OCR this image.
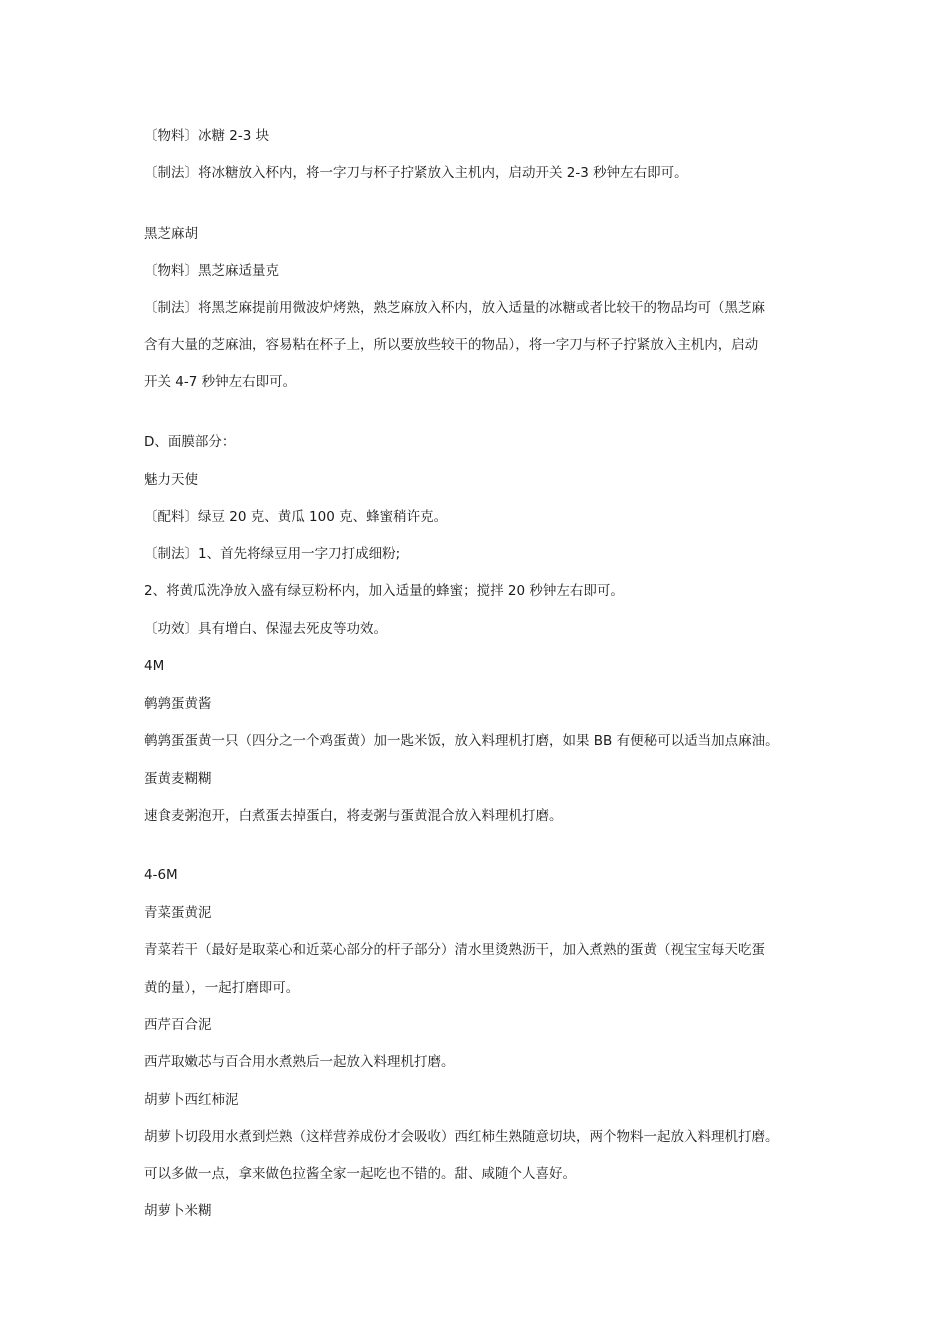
〔物料〕冰糖 2-3 块
〔制法〕将冰糖放入杯内，将一字刀与杯子拧紧放入主机内，启动开关 2-3 秒钟左右即可。
黑芝麻胡
〔物料〕黑芝麻适量克
〔制法〕将黑芝麻提前用微波炉烤熟，熟芝麻放入杯内，放入适量的冰糖或者比较干的物品均可（黑芝麻
含有大量的芝麻油，容易粘在杯子上，所以要放些较干的物品），将一字刀与杯子拧紧放入主机内，启动
开关 4-7 秒钟左右即可。
D、面膜部分：
魅力天使
〔配料〕绿豆 20 克、黄瓜 100 克、蜂蜜稍许克。
〔制法〕1、首先将绿豆用一字刀打成细粉;
2、将黄瓜洗净放入盛有绿豆粉杯内，加入适量的蜂蜜；搅拌 20 秒钟左右即可。
〔功效〕具有增白、保湿去死皮等功效。
4M
鹌鹑蛋黄酱
鹌鹑蛋蛋黄一只（四分之一个鸡蛋黄）加一匙米饭，放入料理机打磨，如果 BB 有便秘可以适当加点麻油。
蛋黄麦糊糊
速食麦粥泡开，白煮蛋去掉蛋白，将麦粥与蛋黄混合放入料理机打磨。
4-6M
青菜蛋黄泥
青菜若干（最好是取菜心和近菜心部分的杆子部分）清水里烫熟沥干，加入煮熟的蛋黄（视宝宝每天吃蛋
黄的量），一起打磨即可。
西芹百合泥
西芹取嫩芯与百合用水煮熟后一起放入料理机打磨。
胡萝卜西红柿泥
胡萝卜切段用水煮到烂熟（这样营养成份才会吸收）西红柿生熟随意切块，两个物料一起放入料理机打磨。
可以多做一点，拿来做色拉酱全家一起吃也不错的。甜、咸随个人喜好。
胡萝卜米糊
